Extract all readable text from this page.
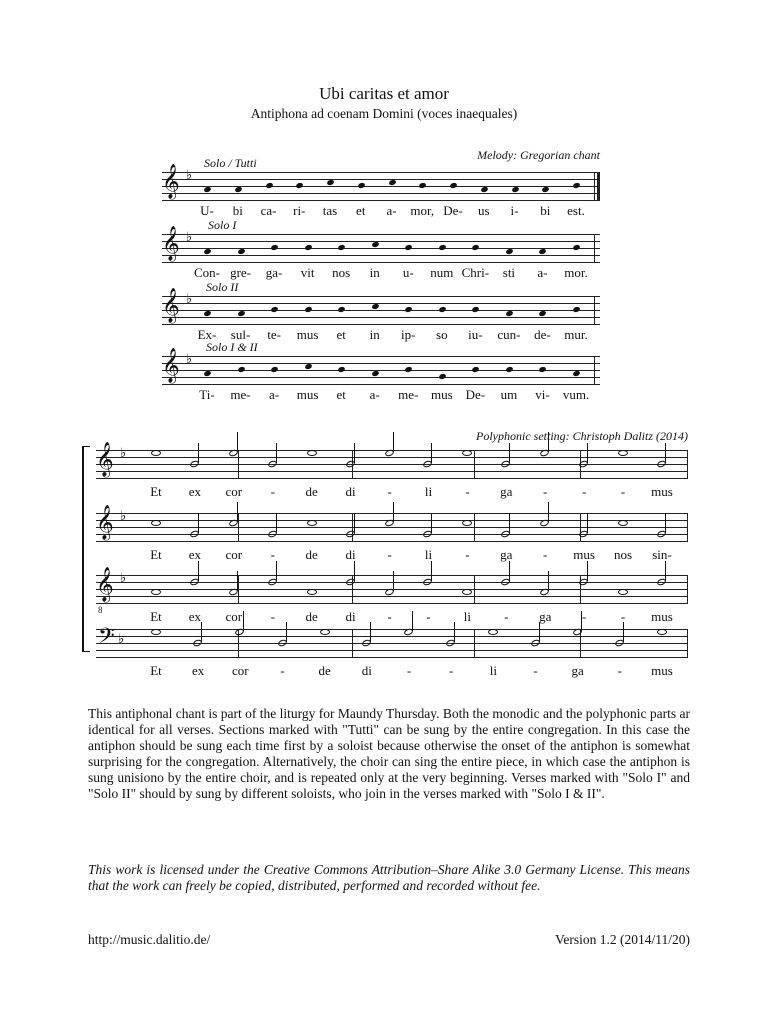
Ubi caritas et amor
Antiphona ad coenam Domini (voces inaequales)
Melody: Gregorian chant
Solo / Tutti
𝄞 ♭
U- bi ca- ri- tas et a- mor, De- us i- bi est.
Solo I
𝄞 ♭
Con- gre- ga- vit nos in u- num Chri- sti a- mor.
Solo II
𝄞 ♭
Ex- sul- te- mus et in ip- so iu- cun- de- mur.
Solo I & II
𝄞 ♭
Ti- me- a- mus et a- me- mus De- um vi- vum.
Polyphonic setting: Christoph Dalitz (2014)
𝄞 ♭
Et ex cor - de di -	li	- ga -	-	- mus
𝄞 ♭
Et ex cor - de di -	li	- ga - mus nos sin-
𝄞 ♭
8	Et ex cor - de di -	-	li	- ga -	- mus
𝄢 ♭
Et ex cor -	de di	-	-	li	-	ga	- mus
This antiphonal chant is part of the liturgy for Maundy Thursday. Both the monodic and the polyphonic parts ar identical for all verses. Sections marked with "Tutti" can be sung by the entire congregation. In this case the antiphon should be sung each time first by a soloist because otherwise the onset of the antiphon is somewhat surprising for the congregation. Alternatively, the choir can sing the entire piece, in which case the antiphon is sung unisiono by the entire choir, and is repeated only at the very beginning. Verses marked with "Solo I" and "Solo II" should by sung by different soloists, who join in the verses marked with "Solo I & II".
This work is licensed under the Creative Commons Attribution–Share Alike 3.0 Germany License. This means that the work can freely be copied, distributed, performed and recorded without fee.
http://music.dalitio.de/	Version 1.2 (2014/11/20)
